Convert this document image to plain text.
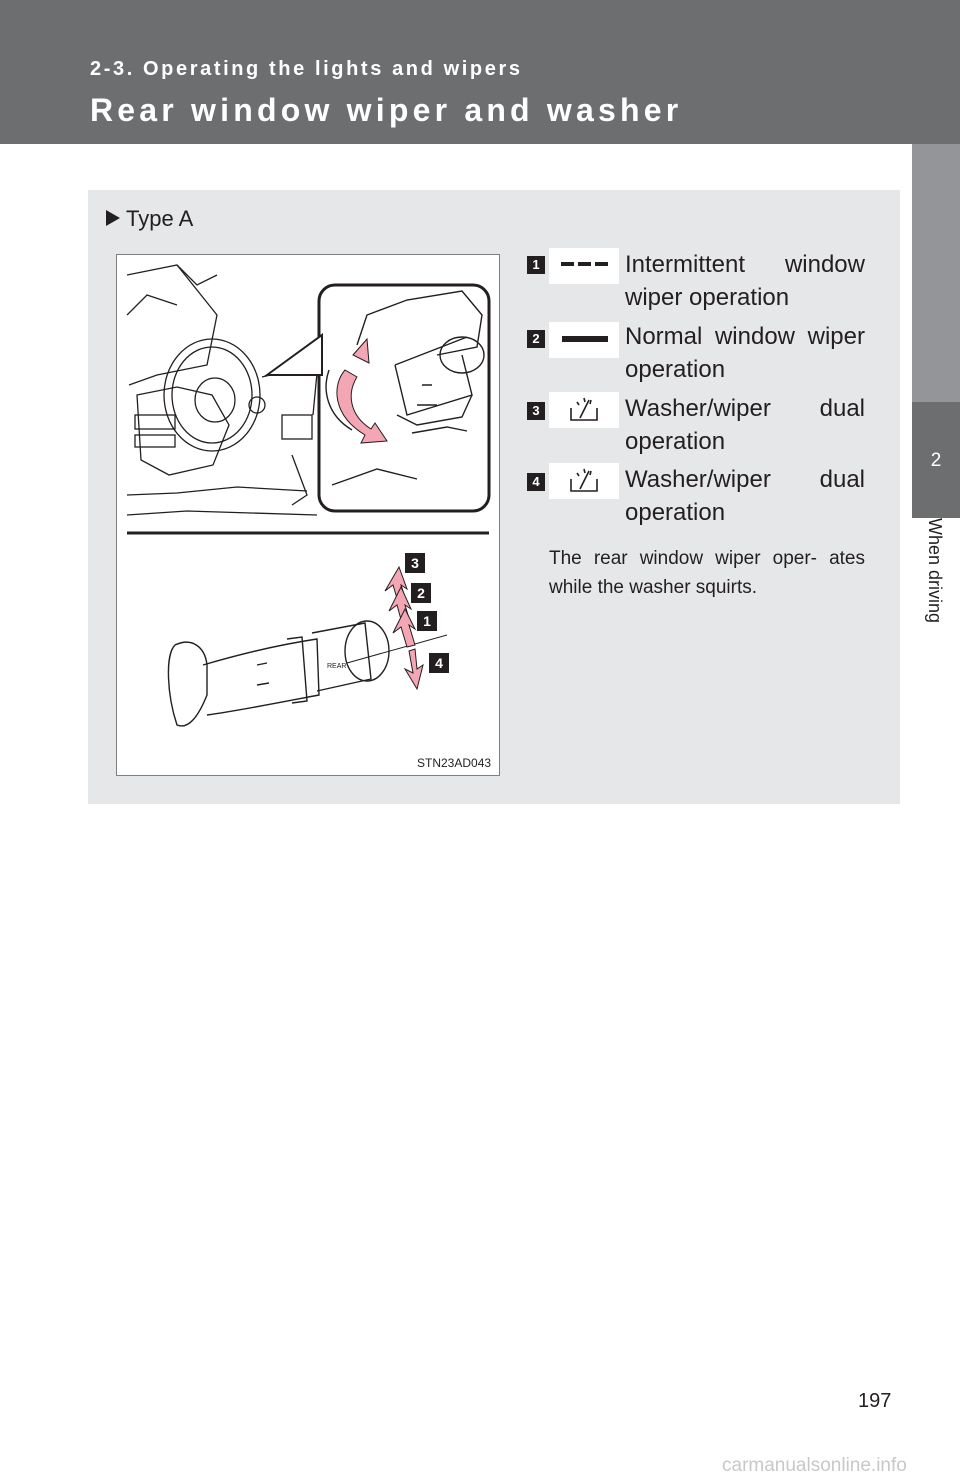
2-3. Operating the lights and wipers
Rear window wiper and washer
2
When driving
Type A
3
2
1
4
REAR
STN23AD043
1	Intermittent window wiper operation
2	Normal window wiper operation
3	Washer/wiper dual operation
4	Washer/wiper dual operation
The rear window wiper oper- ates while the washer squirts.
197
carmanualsonline.info
